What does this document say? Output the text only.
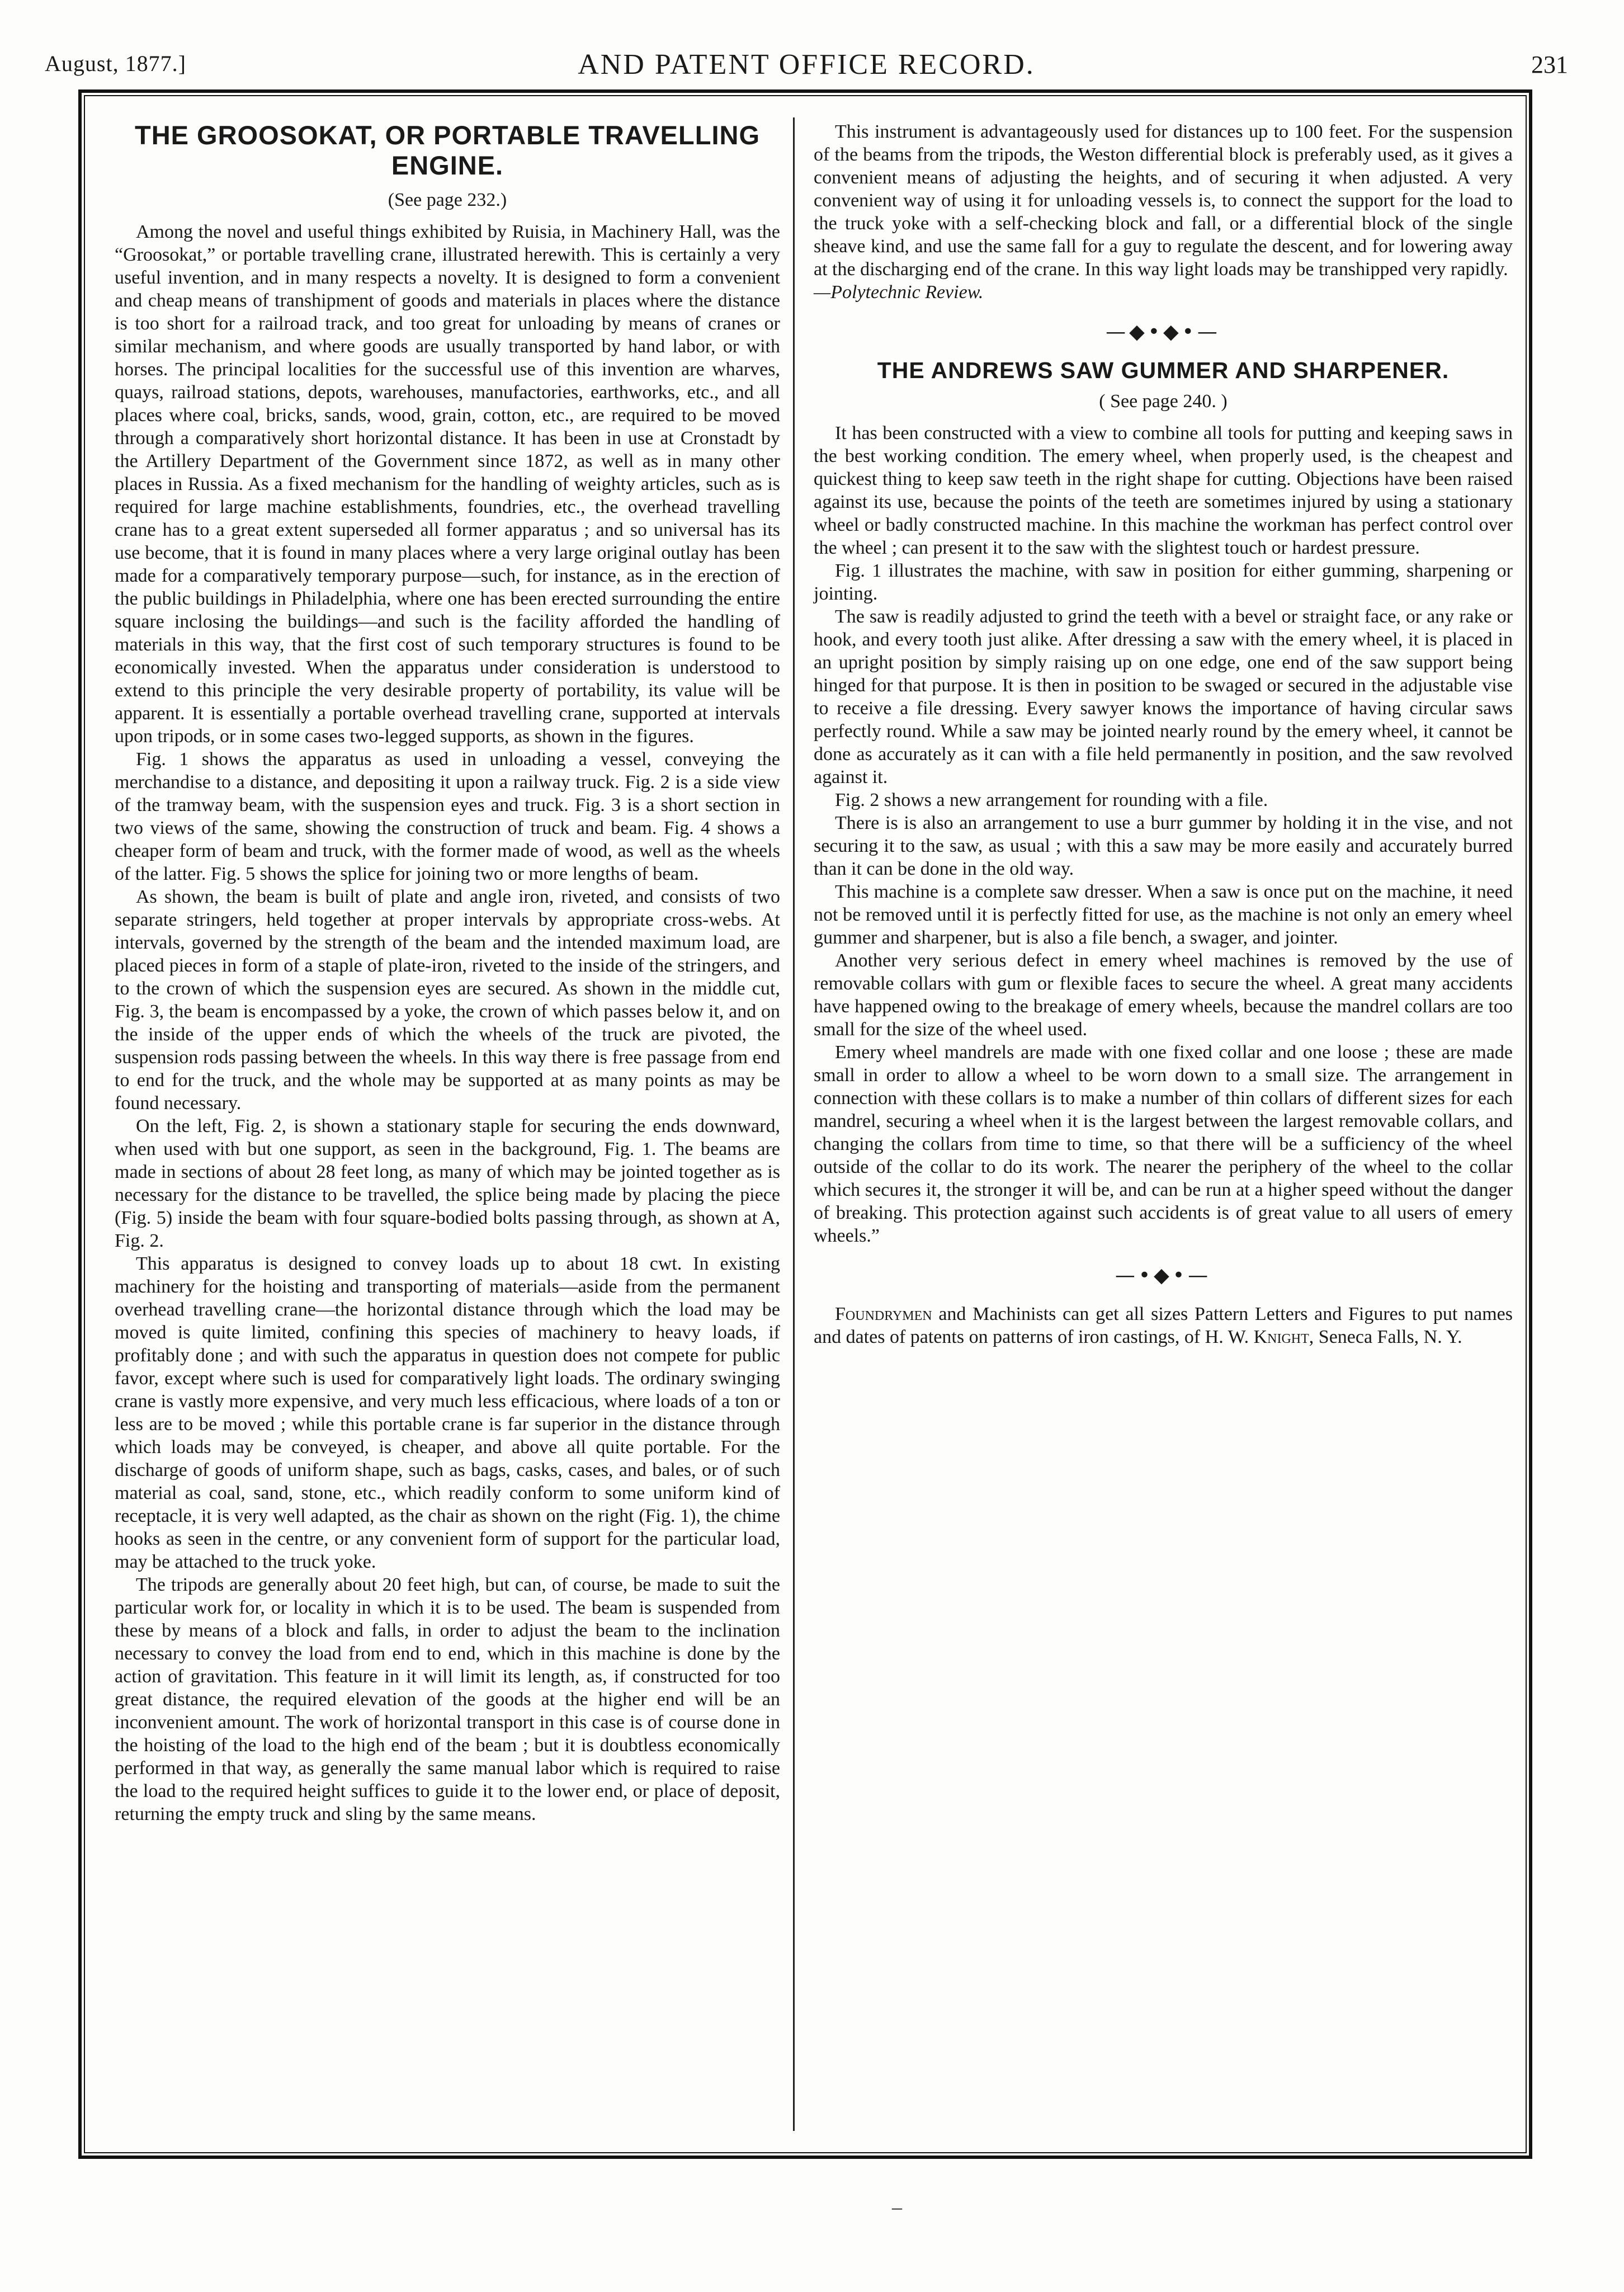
August, 1877.]	AND PATENT OFFICE RECORD.	231
THE GROOSOKAT, OR PORTABLE TRAVELLING ENGINE.
(See page 232.)

Among the novel and useful things exhibited by Ruisia, in Machinery Hall, was the “Groosokat,” or portable travelling crane, illustrated herewith. This is certainly a very useful invention, and in many respects a novelty. It is designed to form a convenient and cheap means of transhipment of goods and materials in places where the distance is too short for a railroad track, and too great for unloading by means of cranes or similar mechanism, and where goods are usually transported by hand labor, or with horses. The principal localities for the successful use of this invention are wharves, quays, railroad stations, depots, warehouses, manufactories, earthworks, etc., and all places where coal, bricks, sands, wood, grain, cotton, etc., are required to be moved through a comparatively short horizontal distance. It has been in use at Cronstadt by the Artillery Department of the Government since 1872, as well as in many other places in Russia. As a fixed mechanism for the handling of weighty articles, such as is required for large machine establishments, foundries, etc., the overhead travelling crane has to a great extent superseded all former apparatus ; and so universal has its use become, that it is found in many places where a very large original outlay has been made for a comparatively temporary purpose—such, for instance, as in the erection of the public buildings in Philadelphia, where one has been erected surrounding the entire square inclosing the buildings—and such is the facility afforded the handling of materials in this way, that the first cost of such temporary structures is found to be economically invested. When the apparatus under consideration is understood to extend to this principle the very desirable property of portability, its value will be apparent. It is essentially a portable overhead travelling crane, supported at intervals upon tripods, or in some cases two-legged supports, as shown in the figures.

Fig. 1 shows the apparatus as used in unloading a vessel, conveying the merchandise to a distance, and depositing it upon a railway truck. Fig. 2 is a side view of the tramway beam, with the suspension eyes and truck. Fig. 3 is a short section in two views of the same, showing the construction of truck and beam. Fig. 4 shows a cheaper form of beam and truck, with the former made of wood, as well as the wheels of the latter. Fig. 5 shows the splice for joining two or more lengths of beam.

As shown, the beam is built of plate and angle iron, riveted, and consists of two separate stringers, held together at proper intervals by appropriate cross-webs. At intervals, governed by the strength of the beam and the intended maximum load, are placed pieces in form of a staple of plate-iron, riveted to the inside of the stringers, and to the crown of which the suspension eyes are secured. As shown in the middle cut, Fig. 3, the beam is encompassed by a yoke, the crown of which passes below it, and on the inside of the upper ends of which the wheels of the truck are pivoted, the suspension rods passing between the wheels. In this way there is free passage from end to end for the truck, and the whole may be supported at as many points as may be found necessary.

On the left, Fig. 2, is shown a stationary staple for securing the ends downward, when used with but one support, as seen in the background, Fig. 1. The beams are made in sections of about 28 feet long, as many of which may be jointed together as is necessary for the distance to be travelled, the splice being made by placing the piece (Fig. 5) inside the beam with four square-bodied bolts passing through, as shown at A, Fig. 2.

This apparatus is designed to convey loads up to about 18 cwt. In existing machinery for the hoisting and transporting of materials—aside from the permanent overhead travelling crane—the horizontal distance through which the load may be moved is quite limited, confining this species of machinery to heavy loads, if profitably done ; and with such the apparatus in question does not compete for public favor, except where such is used for comparatively light loads. The ordinary swinging crane is vastly more expensive, and very much less efficacious, where loads of a ton or less are to be moved ; while this portable crane is far superior in the distance through which loads may be conveyed, is cheaper, and above all quite portable. For the discharge of goods of uniform shape, such as bags, casks, cases, and bales, or of such material as coal, sand, stone, etc., which readily conform to some uniform kind of receptacle, it is very well adapted, as the chair as shown on the right (Fig. 1), the chime hooks as seen in the centre, or any convenient form of support for the particular load, may be attached to the truck yoke.

The tripods are generally about 20 feet high, but can, of course, be made to suit the particular work for, or locality in which it is to be used. The beam is suspended from these by means of a block and falls, in order to adjust the beam to the inclination necessary to convey the load from end to end, which in this machine is done by the action of gravitation. This feature in it will limit its length, as, if constructed for too great distance, the required elevation of the goods at the higher end will be an inconvenient amount. The work of horizontal transport in this case is of course done in the hoisting of the load to the high end of the beam ; but it is doubtless economically performed in that way, as generally the same manual labor which is required to raise the load to the required height suffices to guide it to the lower end, or place of deposit, returning the empty truck and sling by the same means.

This instrument is advantageously used for distances up to 100 feet. For the suspension of the beams from the tripods, the Weston differential block is preferably used, as it gives a convenient means of adjusting the heights, and of securing it when adjusted. A very convenient way of using it for unloading vessels is, to connect the support for the load to the truck yoke with a self-checking block and fall, or a differential block of the single sheave kind, and use the same fall for a guy to regulate the descent, and for lowering away at the discharging end of the crane. In this way light loads may be transhipped very rapidly.

—Polytechnic Review.

—◆•◆•—
THE ANDREWS SAW GUMMER AND SHARPENER.
( See page 240. )

It has been constructed with a view to combine all tools for putting and keeping saws in the best working condition. The emery wheel, when properly used, is the cheapest and quickest thing to keep saw teeth in the right shape for cutting. Objections have been raised against its use, because the points of the teeth are sometimes injured by using a stationary wheel or badly constructed machine. In this machine the workman has perfect control over the wheel ; can present it to the saw with the slightest touch or hardest pressure.

Fig. 1 illustrates the machine, with saw in position for either gumming, sharpening or jointing.

The saw is readily adjusted to grind the teeth with a bevel or straight face, or any rake or hook, and every tooth just alike. After dressing a saw with the emery wheel, it is placed in an upright position by simply raising up on one edge, one end of the saw support being hinged for that purpose. It is then in position to be swaged or secured in the adjustable vise to receive a file dressing. Every sawyer knows the importance of having circular saws perfectly round. While a saw may be jointed nearly round by the emery wheel, it cannot be done as accurately as it can with a file held permanently in position, and the saw revolved against it.

Fig. 2 shows a new arrangement for rounding with a file.

There is is also an arrangement to use a burr gummer by holding it in the vise, and not securing it to the saw, as usual ; with this a saw may be more easily and accurately burred than it can be done in the old way.

This machine is a complete saw dresser. When a saw is once put on the machine, it need not be removed until it is perfectly fitted for use, as the machine is not only an emery wheel gummer and sharpener, but is also a file bench, a swager, and jointer.

Another very serious defect in emery wheel machines is removed by the use of removable collars with gum or flexible faces to secure the wheel. A great many accidents have happened owing to the breakage of emery wheels, because the mandrel collars are too small for the size of the wheel used.

Emery wheel mandrels are made with one fixed collar and one loose ; these are made small in order to allow a wheel to be worn down to a small size. The arrangement in connection with these collars is to make a number of thin collars of different sizes for each mandrel, securing a wheel when it is the largest between the largest removable collars, and changing the collars from time to time, so that there will be a sufficiency of the wheel outside of the collar to do its work. The nearer the periphery of the wheel to the collar which secures it, the stronger it will be, and can be run at a higher speed without the danger of breaking. This protection against such accidents is of great value to all users of emery wheels.”

—•◆•—

Foundrymen and Machinists can get all sizes Pattern Letters and Figures to put names and dates of patents on patterns of iron castings, of H. W. Knight, Seneca Falls, N. Y.

–
